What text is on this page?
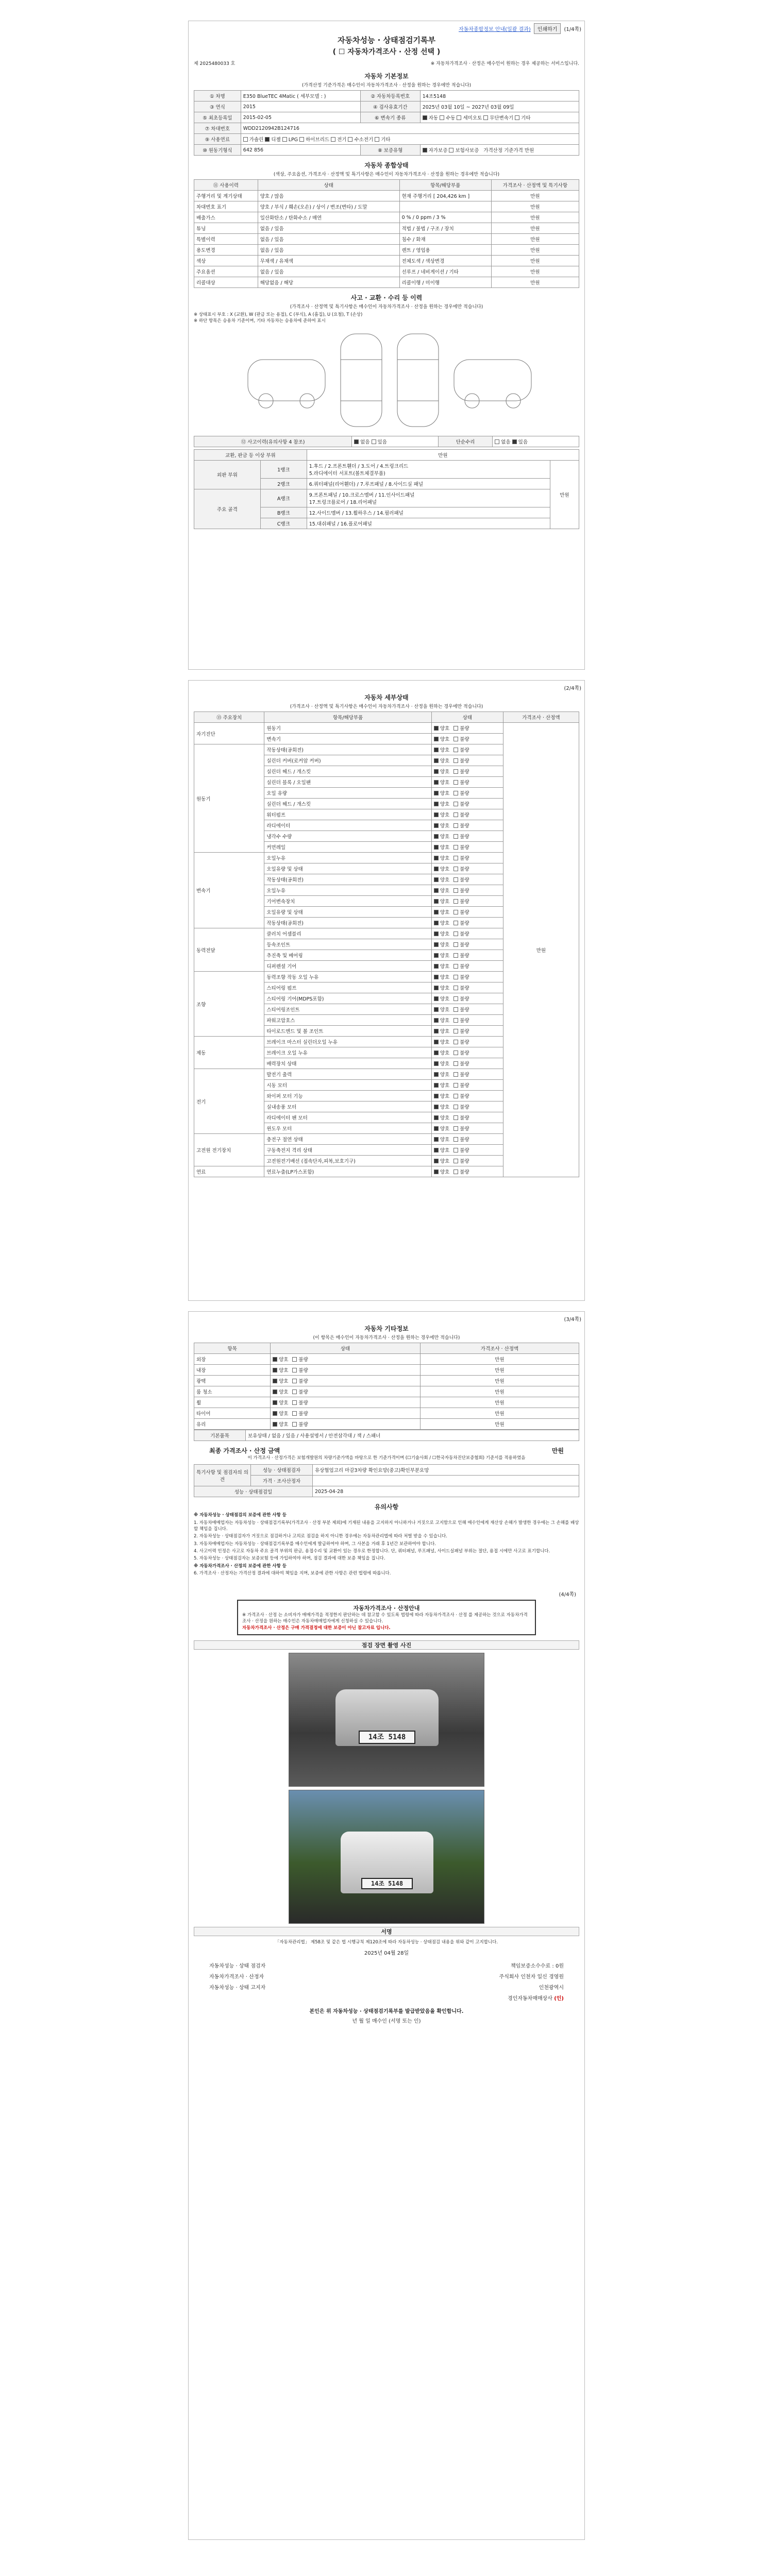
자동차종합정보 안내(일괄 결과)	인쇄하기	(1/4쪽)
자동차성능 · 상태점검기록부
( ☐ 자동차가격조사 · 산정 선택 )
제 2025480033 호	※ 자동차가격조사 · 산정은 매수인이 원하는 경우 제공하는 서비스입니다.
자동차 기본정보
(가격산정 기준가격은 매수인이 자동차가격조사 · 산정을 원하는 경우에만 적습니다)
① 차명	E350 BlueTEC 4Matic ( 세부모델 : )	② 자동차등록번호	14조5148
③ 연식	2015	④ 검사유효기간	2025년 03월 10일 ~ 2027년 03월 09일
⑤ 최초등록일	2015-02-05	⑥ 변속기 종류	자동 수동 세미오토 무단변속기 기타
⑦ 차대번호	WDD2120942B124716		
⑨ 사용연료	가솔린 디젤 LPG 하이브리드 전기 수소전기 기타		
⑩ 원동기형식	642 856	⑧ 보증유형	자가보증 보험사보증 가격산정 기준가격 만원
자동차 종합상태
(색상, 주요옵션, 가격조사 · 산정액 및 특기사항은 매수인이 자동차가격조사 · 산정을 원하는 경우에만 적습니다)
⑪ 사용이력	상태	항목/해당부품	가격조사 · 산정액 및 특기사항
주행거리 및 계기상태	양호 / 많음	현재 주행거리 [ 204,426 km ]	만원
차대번호 표기	양호 / 부식 / 훼손(오손) / 상이 / 변조(변타) / 도말		만원
배출가스	일산화탄소 / 탄화수소 / 매연	0 % / 0 ppm / 3 %	만원
튜닝	없음 / 있음	적법 / 불법 / 구조 / 장치	만원
특별이력	없음 / 있음	침수 / 화재	만원
용도변경	없음 / 있음	렌트 / 영업용	만원
색상	무채색 / 유채색	전체도색 / 색상변경	만원
주요옵션	없음 / 있음	선루프 / 네비게이션 / 기타	만원
리콜대상	해당없음 / 해당	리콜이행 / 미이행	만원
사고 · 교환 · 수리 등 이력
(가격조사 · 산정액 및 특기사항은 매수인이 자동차가격조사 · 산정을 원하는 경우에만 적습니다)
※ 상태표시 부호 : X (교환), W (판금 또는 용접), C (부식), A (흠집), U (요철), T (손상)
※ 하단 항목은 승용차 기준이며, 기타 자동차는 승용차에 준하여 표시
⑫ 사고이력(유의사항 4 참조)	없음 있음	단순수리	없음 있음
교환, 판금 등 이상 부위		만원	
외판 부위	1랭크	1.후드 / 2.프론트휀더 / 3.도어 / 4.트렁크리드
5.라디에이터 서포트(볼트체결부품)	만원
	2랭크	6.쿼터패널(리어휀더) / 7.루프패널 / 8.사이드실 패널	
주요 골격	A랭크	9.프론트패널 / 10.크로스멤버 / 11.인사이드패널
17.트렁크플로어 / 18.리어패널	
	B랭크	12.사이드멤버 / 13.휠하우스 / 14.필러패널	
	C랭크	15.대쉬패널 / 16.플로어패널	
(2/4쪽)
자동차 세부상태
(가격조사 · 산정액 및 특기사항은 매수인이 자동차가격조사 · 산정을 원하는 경우에만 적습니다)
⑬ 주요장치	항목/해당부품	상태	가격조사 · 산정액
자기진단	원동기	양호 불량	만원
	변속기	양호 불량	
원동기	작동상태(공회전)	양호 불량	
	실린더 커버(로커암 커버)	양호 불량	
	실린더 헤드 / 개스킷	양호 불량	
	실린더 블록 / 오일팬	양호 불량	
	오일 유량	양호 불량	
	실린더 헤드 / 개스킷	양호 불량	
	워터펌프	양호 불량	
	라디에이터	양호 불량	
	냉각수 수량	양호 불량	
	커먼레일	양호 불량	
변속기	오일누유	양호 불량	
	오일유량 및 상태	양호 불량	
	작동상태(공회전)	양호 불량	
	오일누유	양호 불량	
	기어변속장치	양호 불량	
	오일유량 및 상태	양호 불량	
	작동상태(공회전)	양호 불량	
동력전달	클러치 어셈블리	양호 불량	
	등속조인트	양호 불량	
	추진축 및 베어링	양호 불량	
	디퍼렌셜 기어	양호 불량	
조향	동력조향 작동 오일 누유	양호 불량	
	스티어링 펌프	양호 불량	
	스티어링 기어(MDPS포함)	양호 불량	
	스티어링조인트	양호 불량	
	파워고압호스	양호 불량	
	타이로드엔드 및 볼 조인트	양호 불량	
제동	브레이크 마스터 실린더오일 누유	양호 불량	
	브레이크 오일 누유	양호 불량	
	배력장치 상태	양호 불량	
전기	발전기 출력	양호 불량	
	시동 모터	양호 불량	
	와이퍼 모터 기능	양호 불량	
	실내송풍 모터	양호 불량	
	라디에이터 팬 모터	양호 불량	
	윈도우 모터	양호 불량	
고전원 전기장치	충전구 절연 상태	양호 불량	
	구동축전지 격리 상태	양호 불량	
	고전원전기배선 (접속단자,피복,보호기구)	양호 불량	
연료	연료누출(LP가스포함)	양호 불량	
(3/4쪽)
자동차 기타정보
(이 항목은 매수인이 자동차가격조사 · 산정을 원하는 경우에만 적습니다)
항목	상태	가격조사 · 산정액
외장	양호 불량	만원
내장	양호 불량	만원
광택	양호 불량	만원
룸 청소	양호 불량	만원
휠	양호 불량	만원
타이어	양호 불량	만원
유리	양호 불량	만원
기본품목	보유상태 / 없음 / 있음 / 사용설명서 / 안전삼각대 / 잭 / 스패너
최종 가격조사 · 산정 금액	만원
이 가격조사 · 산정가격은 보험개발원의 차량기준가액을 바탕으로 한 기준가격이며 (☐기술사회 / ☐한국자동차진단보증협회) 기준서를 적용하였음
특기사항 및 점검자의 의견	성능 · 상태점검자	유상협업고리 마감3차량 확인요망(중고)확인부분요망
	가격 · 조사산정자	
성능 · 상태점검일		2025-04-28
유의사항

※ 자동차성능 · 상태점검의 보증에 관한 사항 등

1. 자동차매매업자는 자동차성능 · 상태점검기록부(가격조사 · 산정 부분 제외)에 기재된 내용을 고지하지 아니하거나 거짓으로 고지함으로 인해 매수인에게 재산상 손해가 발생한 경우에는 그 손해를 배상할 책임을 집니다.

2. 자동차성능 · 상태점검자가 거짓으로 점검하거나 고의로 점검을 하지 아니한 경우에는 자동차관리법에 따라 처벌 받을 수 있습니다.

3. 자동차매매업자는 자동차성능 · 상태점검기록부를 매수인에게 발급하여야 하며, 그 사본을 거래 후 1년간 보관하여야 합니다.

4. 사고이력 인정은 사고로 자동차 주요 골격 부위의 판금, 용접수리 및 교환이 있는 경우로 한정합니다. 단, 쿼터패널, 루프패널, 사이드실패널 부위는 절단, 용접 시에만 사고로 표기합니다.

5. 자동차성능 · 상태점검자는 보증보험 등에 가입하여야 하며, 점검 결과에 대한 보증 책임을 집니다.

※ 자동차가격조사 · 산정의 보증에 관한 사항 등

6. 가격조사 · 산정자는 가격산정 결과에 대하여 책임을 지며, 보증에 관한 사항은 관련 법령에 따릅니다.

(4/4쪽)
자동차가격조사 · 산정안내
※ 가격조사 · 산정 는 소비자가 매매가격을 적정한지 판단하는 데 참고할 수 있도록 법령에 따라 자동차가격조사 · 산정 를 제공하는 것으로 자동차가격조사 · 산정을 원하는 매수인은 자동차매매업자에게 신청하실 수 있습니다.
자동차가격조사 · 산정은 구매 가격결정에 대한 보증이 아닌 참고자료 입니다.
점검 장면 촬영 사진
14조 5148
14조 5148
서명
「자동차관리법」 제58조 및 같은 법 시행규칙 제120조에 따라 자동차성능 · 상태점검 내용을 위와 같이 고지합니다.
2025년 04월 28일
자동차성능 · 상태 점검자	책임보증소수수료 : 0원
자동차가격조사 · 산정자	주식회사 인천자 일신 경영원
자동차성능 · 상태 고지자	인천광역시
경인자동차매매상사 (인)
본인은 위 자동차성능 · 상태점검기록부를 발급받았음을 확인합니다.
년 월 일 매수인 (서명 또는 인)
